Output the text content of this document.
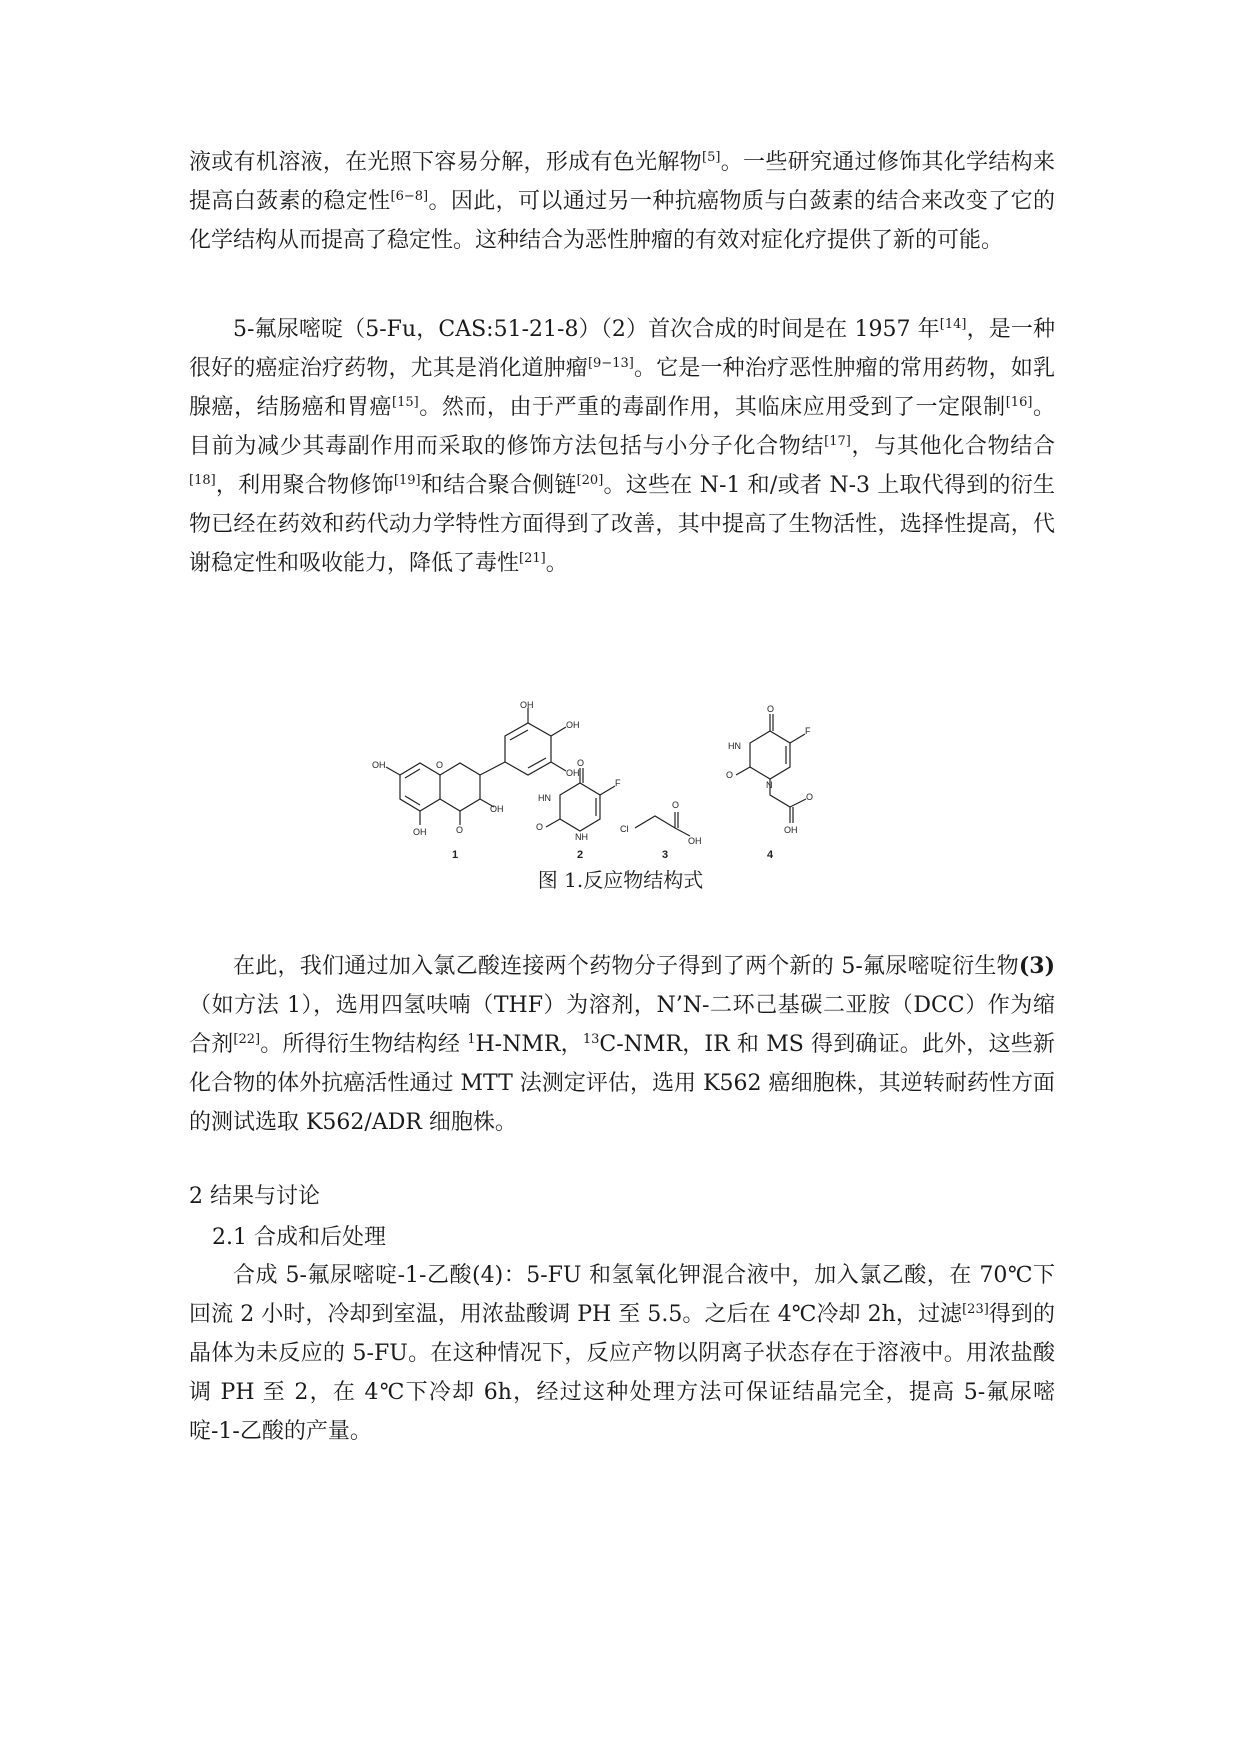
液或有机溶液，在光照下容易分解，形成有色光解物[5]。一些研究通过修饰其化学结构来提高白蔹素的稳定性[6−8]。因此，可以通过另一种抗癌物质与白蔹素的结合来改变了它的化学结构从而提高了稳定性。这种结合为恶性肿瘤的有效对症化疗提供了新的可能。

5-氟尿嘧啶（5-Fu，CAS:51-21-8）（2）首次合成的时间是在 1957 年[14]，是一种很好的癌症治疗药物，尤其是消化道肿瘤[9−13]。它是一种治疗恶性肿瘤的常用药物，如乳腺癌，结肠癌和胃癌[15]。然而，由于严重的毒副作用，其临床应用受到了一定限制[16]。目前为减少其毒副作用而采取的修饰方法包括与小分子化合物结[17]，与其他化合物结合[18]，利用聚合物修饰[19]和结合聚合侧链[20]。这些在 N-1 和/或者 N-3 上取代得到的衍生物已经在药效和药代动力学特性方面得到了改善，其中提高了生物活性，选择性提高，代谢稳定性和吸收能力，降低了毒性[21]。

OH
OH
OH
OH
OH	O
OH
O	O
F
HN
NH
O	Cl
O
OH
O
F
HN
O
N
O
OH
1	2	3	4
图 1.反应物结构式

在此，我们通过加入氯乙酸连接两个药物分子得到了两个新的 5-氟尿嘧啶衍生物(3)（如方法 1），选用四氢呋喃（THF）为溶剂，N’N-二环己基碳二亚胺（DCC）作为缩合剂[22]。所得衍生物结构经 $^1$H-NMR，$^{13}$C-NMR，IR 和 MS 得到确证。此外，这些新化合物的体外抗癌活性通过 MTT 法测定评估，选用 K562 癌细胞株，其逆转耐药性方面的测试选取 K562/ADR 细胞株。

2 结果与讨论
2.1 合成和后处理

合成 5-氟尿嘧啶-1-乙酸(4)：5-FU 和氢氧化钾混合液中，加入氯乙酸，在 70℃下回流 2 小时，冷却到室温，用浓盐酸调 PH 至 5.5。之后在 4℃冷却 2h，过滤[23]得到的晶体为未反应的 5-FU。在这种情况下，反应产物以阴离子状态存在于溶液中。用浓盐酸调 PH 至 2，在 4℃下冷却 6h，经过这种处理方法可保证结晶完全，提高 5-氟尿嘧啶-1-乙酸的产量。
